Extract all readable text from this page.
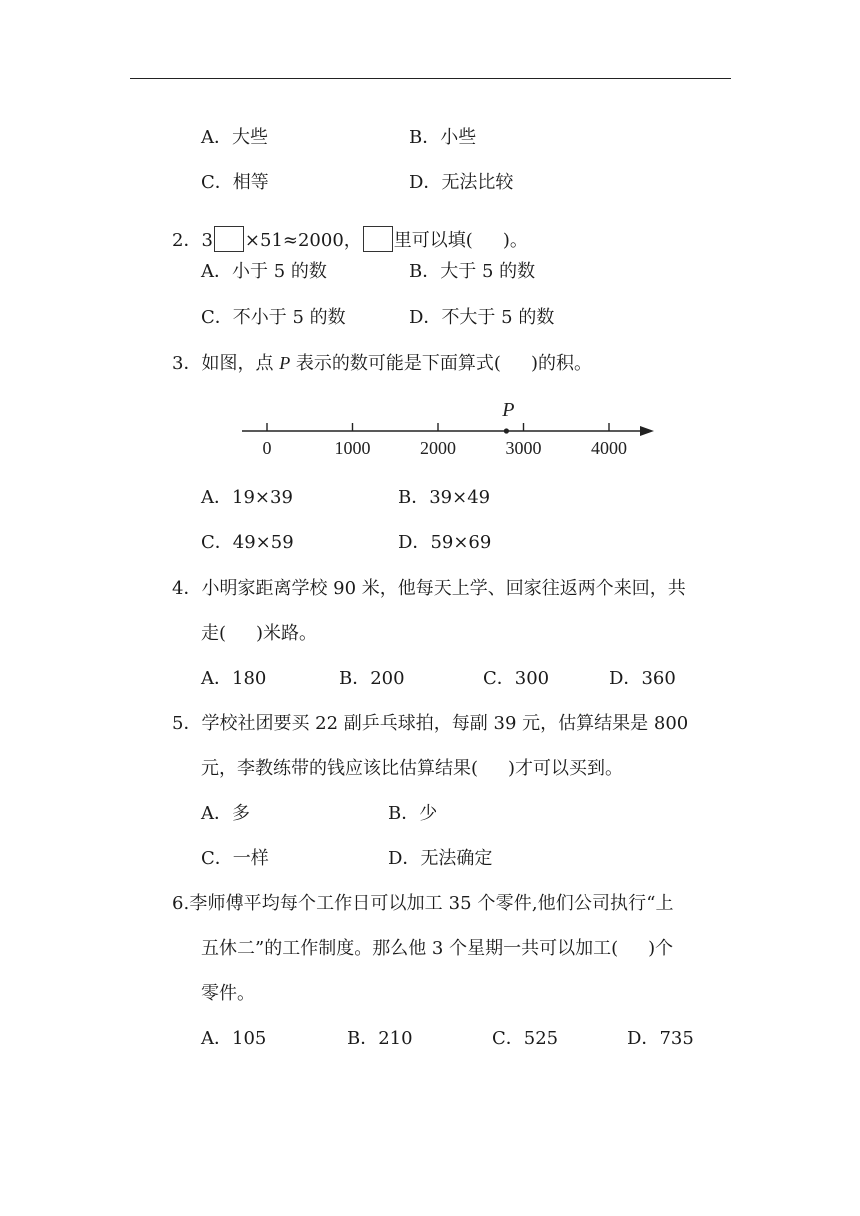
A．大些	B．小些
C．相等	D．无法比较
2．3 ×51≈2000， 里可以填( )。
A．小于 5 的数	B．大于 5 的数
C．不小于 5 的数	D．不大于 5 的数
3．如图，点 P 表示的数可能是下面算式( )的积。
0	1000	2000	3000	4000
P
A．19×39	B．39×49
C．49×59	D．59×69
4．小明家距离学校 90 米，他每天上学、回家往返两个来回，共
走( )米路。
A．180	B．200	C．300	D．360
5．学校社团要买 22 副乒乓球拍，每副 39 元，估算结果是 800
元，李教练带的钱应该比估算结果( )才可以买到。
A．多	B．少
C．一样	D．无法确定
6.李师傅平均每个工作日可以加工 35 个零件,他们公司执行“上
五休二”的工作制度。那么他 3 个星期一共可以加工( )个
零件。
A．105	B．210	C．525	D．735
